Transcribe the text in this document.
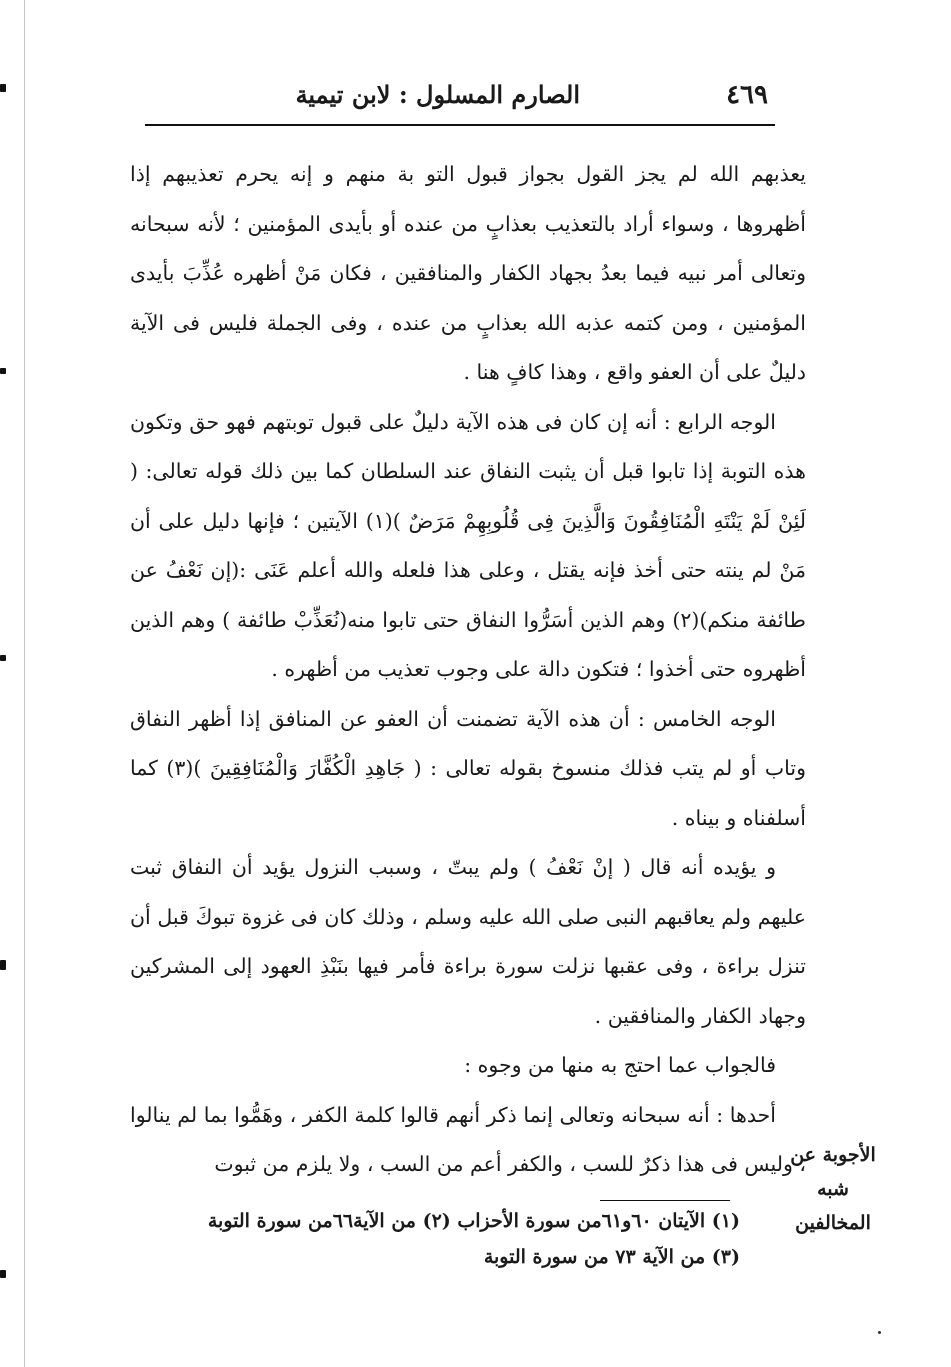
٤٦٩
الصارم المسلول : لابن تيمية

يعذبهم الله لم يجز القول بجواز قبول التو بة منهم و إنه يحرم تعذيبهم إذا أظهروها ، وسواء أراد بالتعذيب بعذابٍ من عنده أو بأيدى المؤمنين ؛ لأنه سبحانه وتعالى أمر نبيه فيما بعدُ بجهاد الكفار والمنافقين ، فكان مَنْ أظهره عُذِّبَ بأيدى المؤمنين ، ومن كتمه عذبه الله بعذابٍ من عنده ، وفى الجملة فليس فى الآية دليلٌ على أن العفو واقع ، وهذا كافٍ هنا .

الوجه الرابع : أنه إن كان فى هذه الآية دليلٌ على قبول توبتهم فهو حق وتكون هذه التوبة إذا تابوا قبل أن يثبت النفاق عند السلطان كما بين ذلك قوله تعالى: ( لَئِنْ لَمْ يَنْتَهِ الْمُنَافِقُونَ وَالَّذِينَ فِى قُلُوبِهِمْ مَرَضٌ )(١) الآيتين ؛ فإنها دليل على أن مَنْ لم ينته حتى أخذ فإنه يقتل ، وعلى هذا فلعله والله أعلم عَنَى :(إن نَعْفُ عن طائفة منكم)(٢) وهم الذين أسَرُّوا النفاق حتى تابوا منه(نُعَذِّبْ طائفة ) وهم الذين أظهروه حتى أخذوا ؛ فتكون دالة على وجوب تعذيب من أظهره .

الوجه الخامس : أن هذه الآية تضمنت أن العفو عن المنافق إذا أظهر النفاق وتاب أو لم يتب فذلك منسوخ بقوله تعالى : ( جَاهِدِ الْكُفَّارَ وَالْمُنَافِقِينَ )(٣) كما أسلفناه و بيناه .

و يؤيده أنه قال ( إنْ نَعْفُ ) ولم يبتّ ، وسبب النزول يؤيد أن النفاق ثبت عليهم ولم يعاقبهم النبى صلى الله عليه وسلم ، وذلك كان فى غزوة تبوكَ قبل أن تنزل براءة ، وفى عقبها نزلت سورة براءة فأمر فيها بنَبْذِ العهود إلى المشركين وجهاد الكفار والمنافقين .

فالجواب عما احتج به منها من وجوه :

أحدها : أنه سبحانه وتعالى إنما ذكر أنهم قالوا كلمة الكفر ، وهَمُّوا بما لم ينالوا ، وليس فى هذا ذكرٌ للسب ، والكفر أعم من السب ، ولا يلزم من ثبوت

الأجوبة عن
شبه المخالفين
(١) الآيتان ٦٠و٦١من سورة الأحزاب (٢) من الآية٦٦من سورة التوبة
(٣) من الآية ٧٣ من سورة التوبة
